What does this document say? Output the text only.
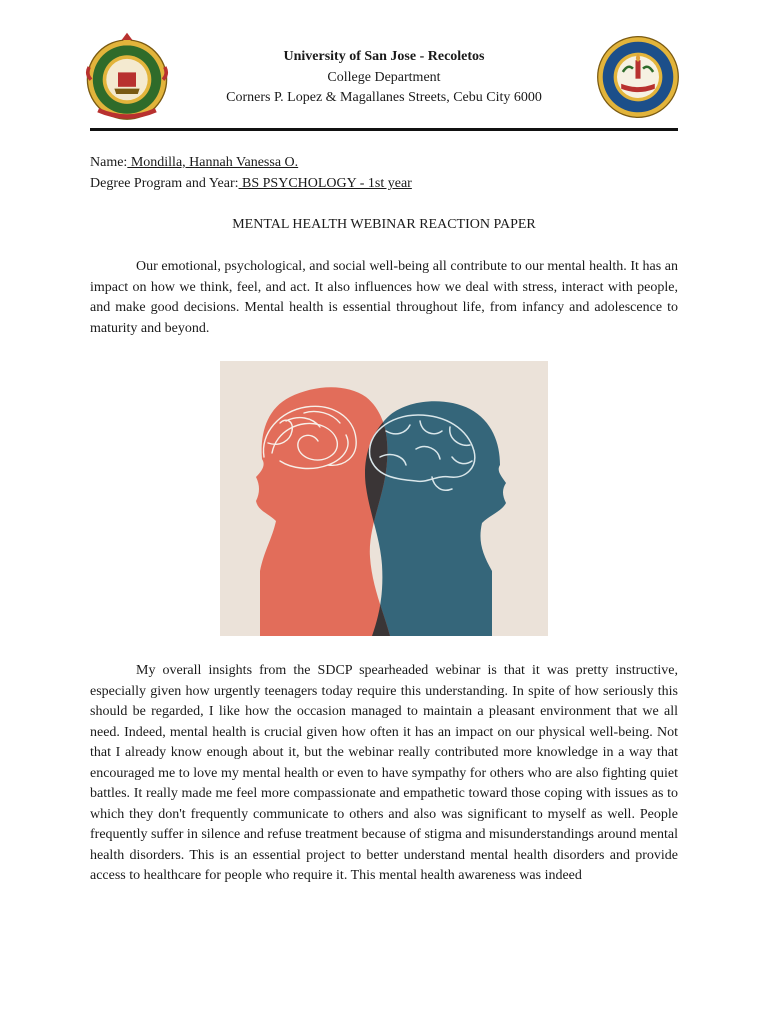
University of San Jose - Recoletos
College Department
Corners P. Lopez & Magallanes Streets, Cebu City 6000
Name: Mondilla, Hannah Vanessa O.
Degree Program and Year: BS PSYCHOLOGY - 1st year
MENTAL HEALTH WEBINAR REACTION PAPER

Our emotional, psychological, and social well-being all contribute to our mental health. It has an impact on how we think, feel, and act. It also influences how we deal with stress, interact with people, and make good decisions. Mental health is essential throughout life, from infancy and adolescence to maturity and beyond.

My overall insights from the SDCP spearheaded webinar is that it was pretty instructive, especially given how urgently teenagers today require this understanding. In spite of how seriously this should be regarded, I like how the occasion managed to maintain a pleasant environment that we all need. Indeed, mental health is crucial given how often it has an impact on our physical well-being. Not that I already know enough about it, but the webinar really contributed more knowledge in a way that encouraged me to love my mental health or even to have sympathy for others who are also fighting quiet battles. It really made me feel more compassionate and empathetic toward those coping with issues as to which they don't frequently communicate to others and also was significant to myself as well. People frequently suffer in silence and refuse treatment because of stigma and misunderstandings around mental health disorders. This is an essential project to better understand mental health disorders and provide access to healthcare for people who require it. This mental health awareness was indeed
